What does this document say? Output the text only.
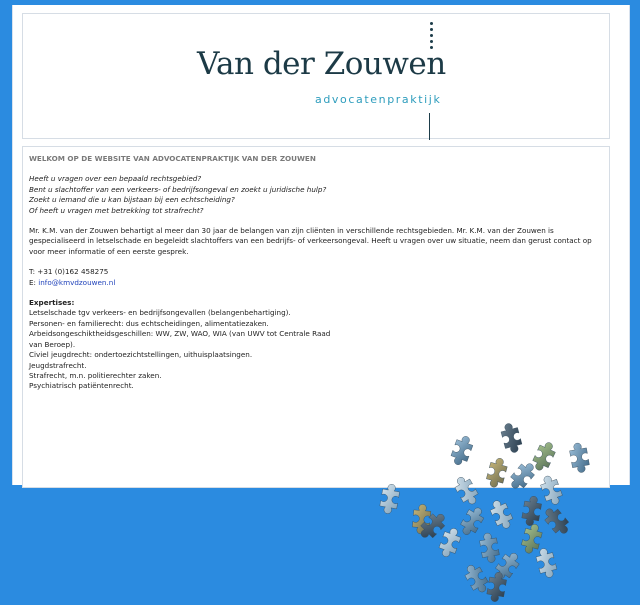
Van der Zouwen
advocatenpraktijk

WELKOM OP DE WEBSITE VAN ADVOCATENPRAKTIJK VAN DER ZOUWEN

Heeft u vragen over een bepaald rechtsgebied?

Bent u slachtoffer van een verkeers- of bedrijfsongeval en zoekt u juridische hulp?

Zoekt u iemand die u kan bijstaan bij een echtscheiding?

Of heeft u vragen met betrekking tot strafrecht?

Mr. K.M. van der Zouwen behartigt al meer dan 30 jaar de belangen van zijn cliënten in verschillende rechtsgebieden. Mr. K.M. van der Zouwen is gespecialiseerd in letselschade en begeleidt slachtoffers van een bedrijfs- of verkeersongeval. Heeft u vragen over uw situatie, neem dan gerust contact op voor meer informatie of een eerste gesprek.

T: +31 (0)162 458275
E: info@kmvdzouwen.nl

Expertises:

Letselschade tgv verkeers- en bedrijfsongevallen (belangenbehartiging).

Personen- en familierecht: dus echtscheidingen, alimentatiezaken.

Arbeidsongeschiktheidsgeschillen: WW, ZW, WAO, WIA (van UWV tot Centrale Raad van Beroep).

Civiel jeugdrecht: ondertoezichtstellingen, uithuisplaatsingen.

Jeugdstrafrecht.

Strafrecht, m.n. politierechter zaken.

Psychiatrisch patiëntenrecht.
